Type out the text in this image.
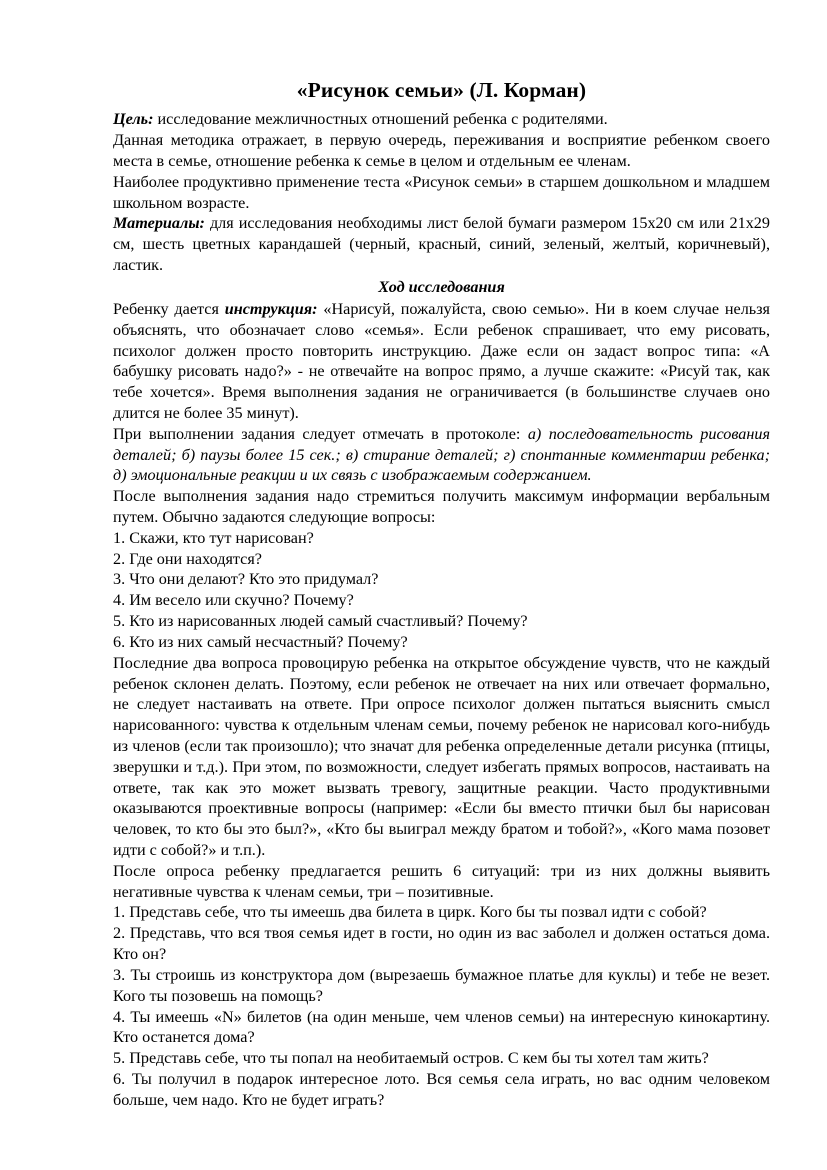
«Рисунок семьи» (Л. Корман)

Цель: исследование межличностных отношений ребенка с родителями.

Данная методика отражает, в первую очередь, переживания и восприятие ребенком своего места в семье, отношение ребенка к семье в целом и отдельным ее членам.

Наиболее продуктивно применение теста «Рисунок семьи» в старшем дошкольном и младшем школьном возрасте.

Материалы: для исследования необходимы лист белой бумаги размером 15х20 см или 21х29 см, шесть цветных карандашей (черный, красный, синий, зеленый, желтый, коричневый), ластик.

Ход исследования

Ребенку дается инструкция: «Нарисуй, пожалуйста, свою семью». Ни в коем случае нельзя объяснять, что обозначает слово «семья». Если ребенок спрашивает, что ему рисовать, психолог должен просто повторить инструкцию. Даже если он задаст вопрос типа: «А бабушку рисовать надо?» - не отвечайте на вопрос прямо, а лучше скажите: «Рисуй так, как тебе хочется». Время выполнения задания не ограничивается (в большинстве случаев оно длится не более 35 минут).

При выполнении задания следует отмечать в протоколе: а) последовательность рисования деталей; б) паузы более 15 сек.; в) стирание деталей; г) спонтанные комментарии ребенка; д) эмоциональные реакции и их связь с изображаемым содержанием.

После выполнения задания надо стремиться получить максимум информации вербальным путем. Обычно задаются следующие вопросы:

1. Скажи, кто тут нарисован?

2. Где они находятся?

3. Что они делают? Кто это придумал?

4. Им весело или скучно? Почему?

5. Кто из нарисованных людей самый счастливый? Почему?

6. Кто из них самый несчастный? Почему?

Последние два вопроса провоцирую ребенка на открытое обсуждение чувств, что не каждый ребенок склонен делать. Поэтому, если ребенок не отвечает на них или отвечает формально, не следует настаивать на ответе. При опросе психолог должен пытаться выяснить смысл нарисованного: чувства к отдельным членам семьи, почему ребенок не нарисовал кого-нибудь из членов (если так произошло); что значат для ребенка определенные детали рисунка (птицы, зверушки и т.д.). При этом, по возможности, следует избегать прямых вопросов, настаивать на ответе, так как это может вызвать тревогу, защитные реакции. Часто продуктивными оказываются проективные вопросы (например: «Если бы вместо птички был бы нарисован человек, то кто бы это был?», «Кто бы выиграл между братом и тобой?», «Кого мама позовет идти с собой?» и т.п.).

После опроса ребенку предлагается решить 6 ситуаций: три из них должны выявить негативные чувства к членам семьи, три – позитивные.

1. Представь себе, что ты имеешь два билета в цирк. Кого бы ты позвал идти с собой?

2. Представь, что вся твоя семья идет в гости, но один из вас заболел и должен остаться дома. Кто он?

3. Ты строишь из конструктора дом (вырезаешь бумажное платье для куклы) и тебе не везет. Кого ты позовешь на помощь?

4. Ты имеешь «N» билетов (на один меньше, чем членов семьи) на интересную кинокартину. Кто останется дома?

5. Представь себе, что ты попал на необитаемый остров. С кем бы ты хотел там жить?

6. Ты получил в подарок интересное лото. Вся семья села играть, но вас одним человеком больше, чем надо. Кто не будет играть?
